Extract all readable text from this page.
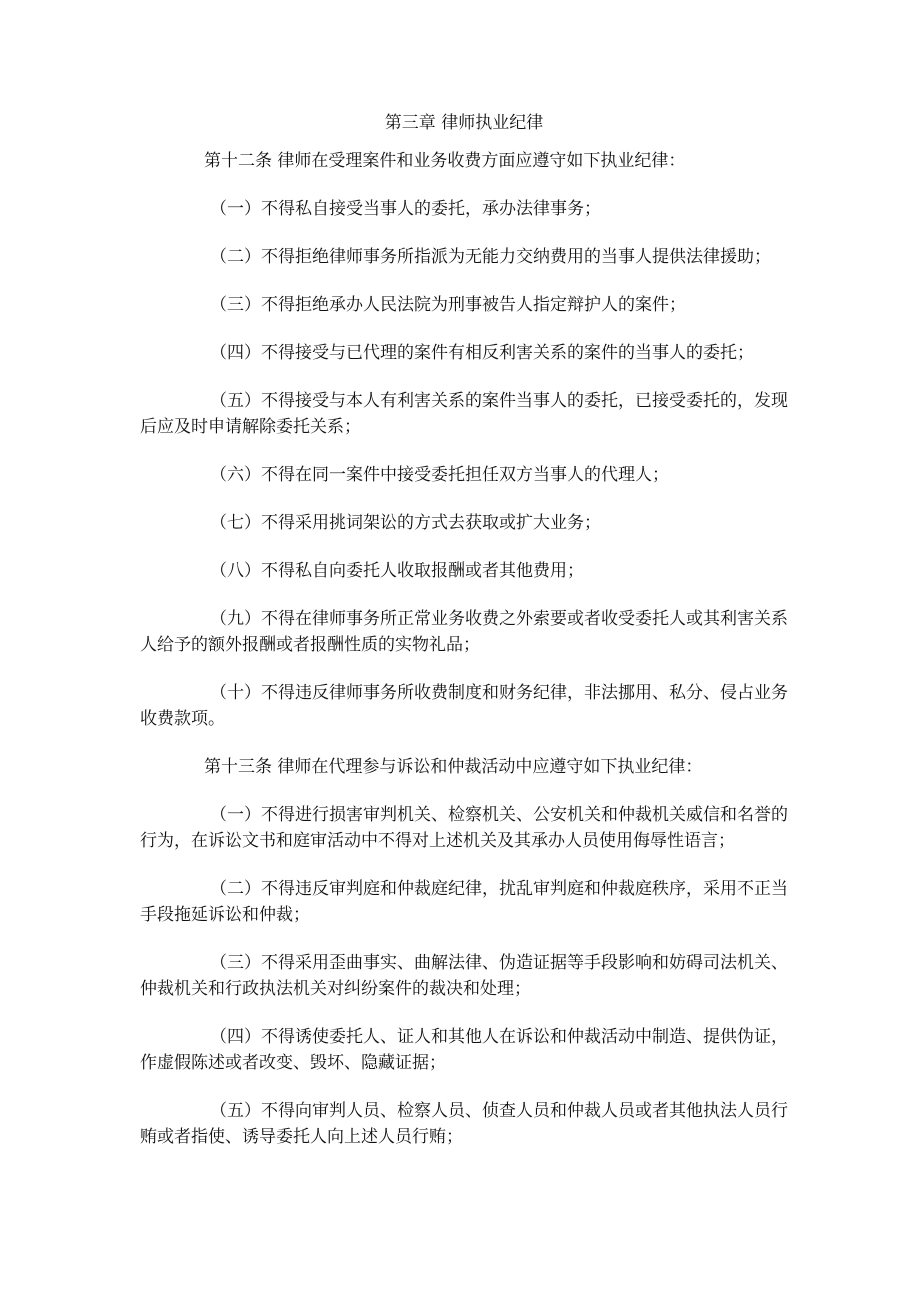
第三章 律师执业纪律

第十二条 律师在受理案件和业务收费方面应遵守如下执业纪律：

（一）不得私自接受当事人的委托，承办法律事务；

（二）不得拒绝律师事务所指派为无能力交纳费用的当事人提供法律援助；

（三）不得拒绝承办人民法院为刑事被告人指定辩护人的案件；

（四）不得接受与已代理的案件有相反利害关系的案件的当事人的委托；

（五）不得接受与本人有利害关系的案件当事人的委托，已接受委托的，发现后应及时申请解除委托关系；

（六）不得在同一案件中接受委托担任双方当事人的代理人；

（七）不得采用挑词架讼的方式去获取或扩大业务；

（八）不得私自向委托人收取报酬或者其他费用；

（九）不得在律师事务所正常业务收费之外索要或者收受委托人或其利害关系人给予的额外报酬或者报酬性质的实物礼品；

（十）不得违反律师事务所收费制度和财务纪律，非法挪用、私分、侵占业务收费款项。

第十三条 律师在代理参与诉讼和仲裁活动中应遵守如下执业纪律：

（一）不得进行损害审判机关、检察机关、公安机关和仲裁机关威信和名誉的行为，在诉讼文书和庭审活动中不得对上述机关及其承办人员使用侮辱性语言；

（二）不得违反审判庭和仲裁庭纪律，扰乱审判庭和仲裁庭秩序，采用不正当手段拖延诉讼和仲裁；

（三）不得采用歪曲事实、曲解法律、伪造证据等手段影响和妨碍司法机关、仲裁机关和行政执法机关对纠纷案件的裁决和处理；

（四）不得诱使委托人、证人和其他人在诉讼和仲裁活动中制造、提供伪证，作虚假陈述或者改变、毁坏、隐藏证据；

（五）不得向审判人员、检察人员、侦查人员和仲裁人员或者其他执法人员行贿或者指使、诱导委托人向上述人员行贿；
